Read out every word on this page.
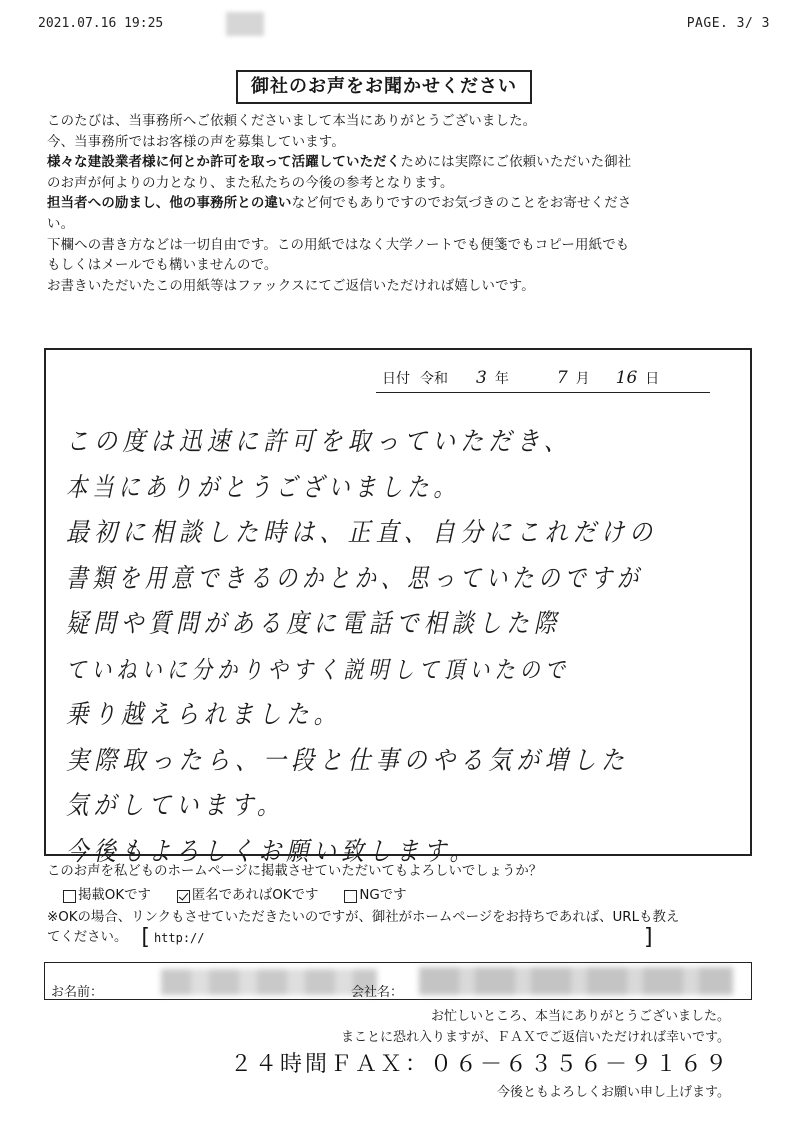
2021.07.16 19:25	PAGE. 3/ 3
御社のお声をお聞かせください

このたびは、当事務所へご依頼くださいまして本当にありがとうございました。

今、当事務所ではお客様の声を募集しています。

様々な建設業者様に何とか許可を取って活躍していただくためには実際にご依頼いただいた御社

のお声が何よりの力となり、また私たちの今後の参考となります。

担当者への励まし、他の事務所との違いなど何でもありですのでお気づきのことをお寄せくださ

い。

下欄への書き方などは一切自由です。この用紙ではなく大学ノートでも便箋でもコピー用紙でも

もしくはメールでも構いませんので。

お書きいただいたこの用紙等はファックスにてご返信いただければ嬉しいです。

日付 令和 3 年	7 月 16 日
この度は迅速に許可を取っていただき、
本当にありがとうございました。
最初に相談した時は、正直、自分にこれだけの
書類を用意できるのかとか、思っていたのですが
疑問や質問がある度に電話で相談した際
ていねいに分かりやすく説明して頂いたので
乗り越えられました。
実際取ったら、一段と仕事のやる気が増した
気がしています。
今後もよろしくお願い致します。

このお声を私どものホームページに掲載させていただいてもよろしいでしょうか？

掲載OKです	匿名であればOKです	NGです

※OKの場合、リンクもさせていただきたいのですが、御社がホームページをお持ちであれば、URLも教え

てください。 [ http://	]
お名前：	会社名：

お忙しいところ、本当にありがとうございました。

まことに恐れ入りますが、ＦＡＸでご返信いただければ幸いです。

２４時間ＦＡＸ：０６－６３５６－９１６９

今後ともよろしくお願い申し上げます。
